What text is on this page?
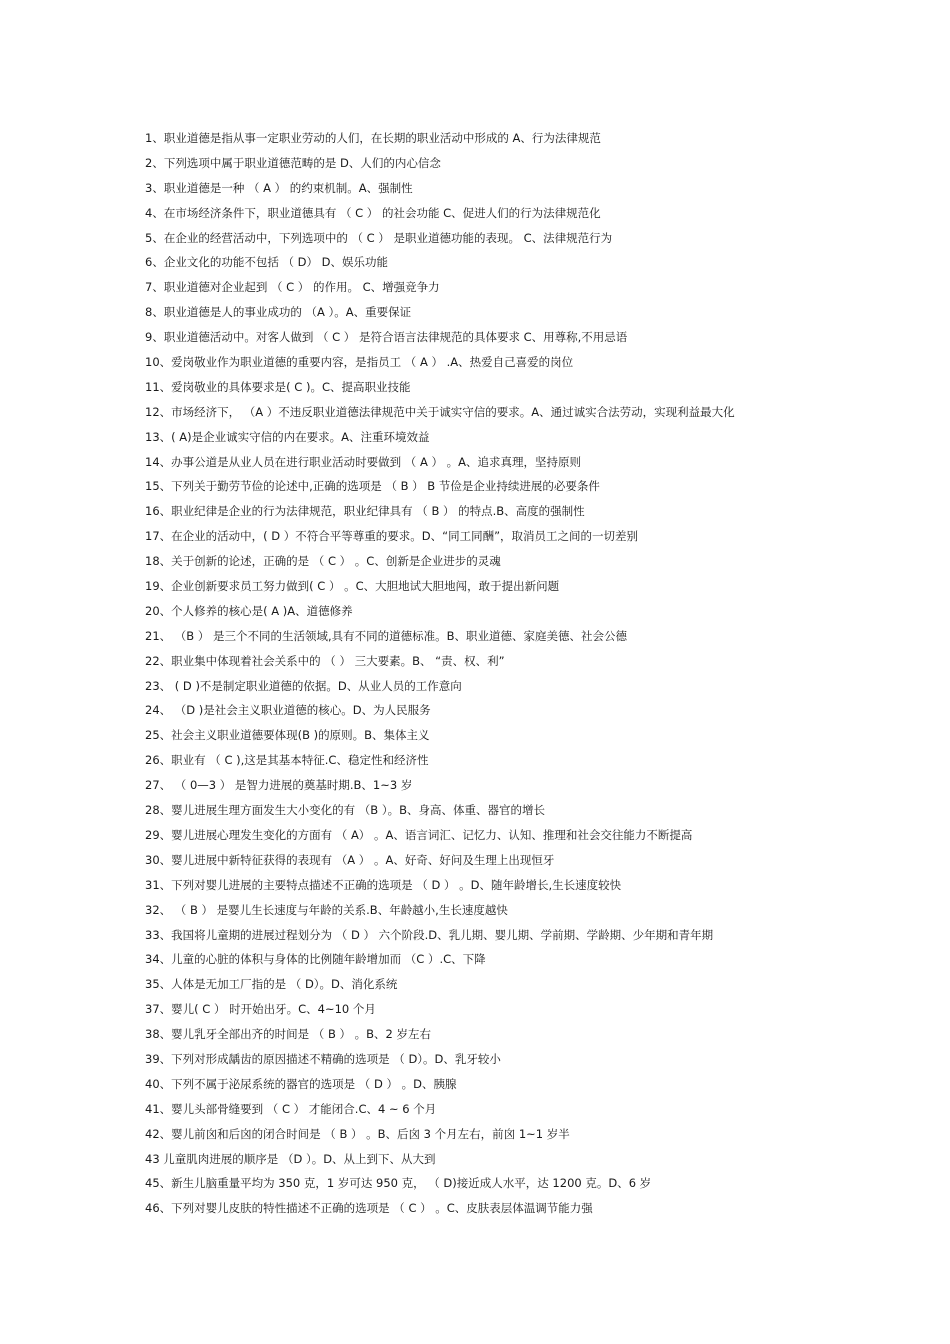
1、职业道德是指从事一定职业劳动的人们，在长期的职业活动中形成的 A、行为法律规范
2、下列选项中属于职业道德范畴的是 D、人们的内心信念
3、职业道德是一种 （ A ） 的约束机制。A、强制性
4、在市场经济条件下，职业道德具有 （ C ） 的社会功能 C、促进人们的行为法律规范化
5、在企业的经营活动中，下列选项中的 （ C ） 是职业道德功能的表现。 C、法律规范行为
6、企业文化的功能不包括 （ D） D、娱乐功能
7、职业道德对企业起到 （ C ） 的作用。 C、增强竞争力
8、职业道德是人的事业成功的 （A ）。A、重要保证
9、职业道德活动中。对客人做到 （ C ） 是符合语言法律规范的具体要求 C、用尊称,不用忌语
10、爱岗敬业作为职业道德的重要内容，是指员工 （ A ） .A、热爱自己喜爱的岗位
11、爱岗敬业的具体要求是( C )。C、提高职业技能
12、市场经济下， （A ）不违反职业道德法律规范中关于诚实守信的要求。A、通过诚实合法劳动，实现利益最大化
13、( A)是企业诚实守信的内在要求。A、注重环境效益
14、办事公道是从业人员在进行职业活动时要做到 （ A ） 。A、追求真理，坚持原则
15、下列关于勤劳节俭的论述中,正确的选项是 （ B ） B 节俭是企业持续进展的必要条件
16、职业纪律是企业的行为法律规范，职业纪律具有 （ B ） 的特点.B、高度的强制性
17、在企业的活动中，( D ）不符合平等尊重的要求。D、“同工同酬”，取消员工之间的一切差别
18、关于创新的论述，正确的是 （ C ） 。C、创新是企业进步的灵魂
19、企业创新要求员工努力做到( C ） 。C、大胆地试大胆地闯，敢于提出新问题
20、个人修养的核心是( A )A、道德修养
21、 （B ） 是三个不同的生活领域,具有不同的道德标准。B、职业道德、家庭美德、社会公德
22、职业集中体现着社会关系中的 （ ） 三大要素。B、 “责、权、利”
23、 ( D )不是制定职业道德的依据。D、从业人员的工作意向
24、 （D )是社会主义职业道德的核心。D、为人民服务
25、社会主义职业道德要体现(B )的原则。B、集体主义
26、职业有 （ C ),这是其基本特征.C、稳定性和经济性
27、 （ 0—3 ） 是智力进展的奠基时期.B、1~3 岁
28、婴儿进展生理方面发生大小变化的有 （B ）。B、身高、体重、器官的增长
29、婴儿进展心理发生变化的方面有 （ A） 。A、语言词汇、记忆力、认知、推理和社会交往能力不断提高
30、婴儿进展中新特征获得的表现有 （A ） 。A、好奇、好问及生理上出现恒牙
31、下列对婴儿进展的主要特点描述不正确的选项是 （ D ） 。D、随年龄增长,生长速度较快
32、 （ B ） 是婴儿生长速度与年龄的关系.B、年龄越小,生长速度越快
33、我国将儿童期的进展过程划分为 （ D ） 六个阶段.D、乳儿期、婴儿期、学前期、学龄期、少年期和青年期
34、儿童的心脏的体积与身体的比例随年龄增加而 （C ）.C、下降
35、人体是无加工厂指的是 （ D）。D、消化系统
37、婴儿( C ） 时开始出牙。C、4~10 个月
38、婴儿乳牙全部出齐的时间是 （ B ） 。B、2 岁左右
39、下列对形成龋齿的原因描述不精确的选项是 （ D）。D、乳牙较小
40、下列不属于泌尿系统的器官的选项是 （ D ） 。D、胰腺
41、婴儿头部骨缝要到 （ C ） 才能闭合.C、4 ~ 6 个月
42、婴儿前囟和后囟的闭合时间是 （ B ） 。B、后囟 3 个月左右，前囟 1~1 岁半
43 儿童肌肉进展的顺序是 （D ）。D、从上到下、从大到
45、新生儿脑重量平均为 350 克，1 岁可达 950 克， （ D)接近成人水平，达 1200 克。D、6 岁
46、下列对婴儿皮肤的特性描述不正确的选项是 （ C ） 。C、皮肤表层体温调节能力强
